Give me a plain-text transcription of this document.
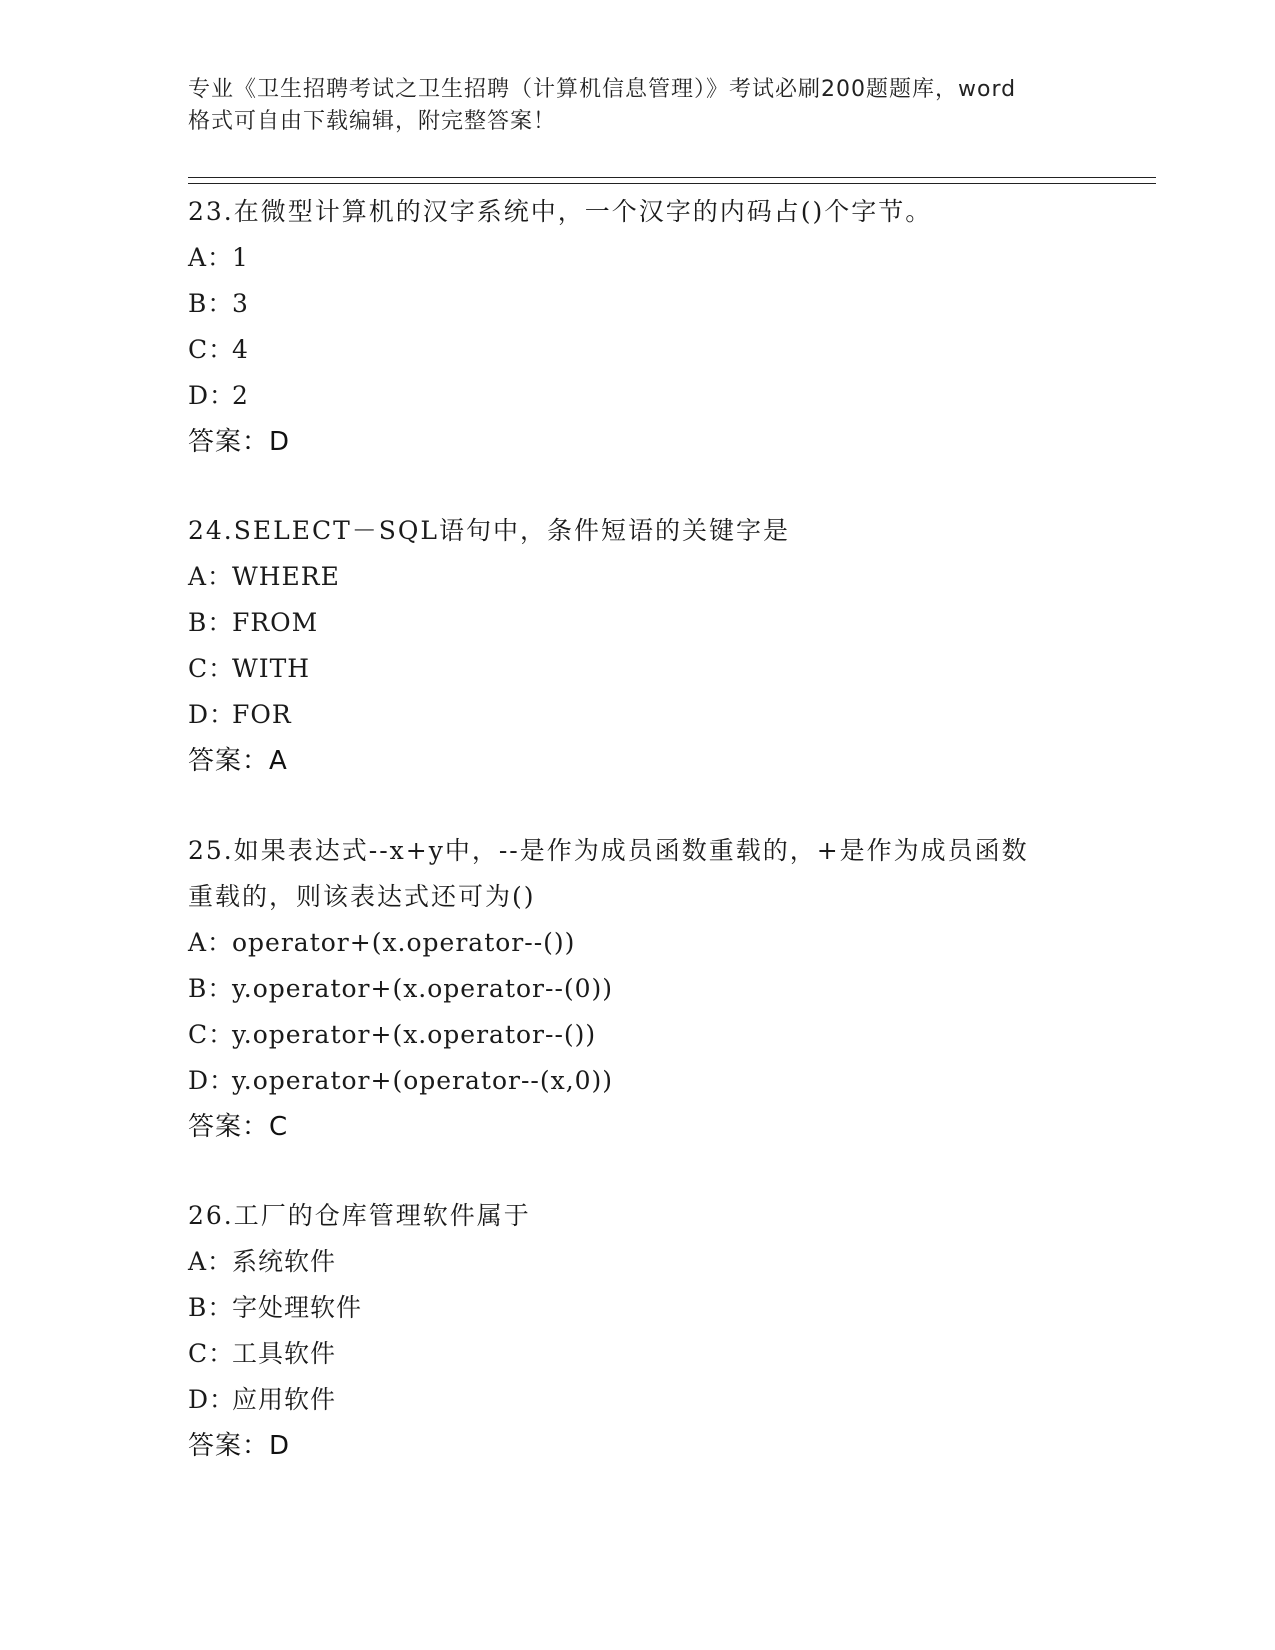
专业《卫生招聘考试之卫生招聘（计算机信息管理）》考试必刷200题题库，word
格式可自由下载编辑，附完整答案！
23.在微型计算机的汉字系统中，一个汉字的内码占()个字节。
A：1
B：3
C：4
D：2
答案：D
24.SELECT－SQL语句中，条件短语的关键字是
A：WHERE
B：FROM
C：WITH
D：FOR
答案：A
25.如果表达式--x+y中，--是作为成员函数重载的，+是作为成员函数
重载的，则该表达式还可为()
A：operator+(x.operator--())
B：y.operator+(x.operator--(0))
C：y.operator+(x.operator--())
D：y.operator+(operator--(x,0))
答案：C
26.工厂的仓库管理软件属于
A：系统软件
B：字处理软件
C：工具软件
D：应用软件
答案：D
